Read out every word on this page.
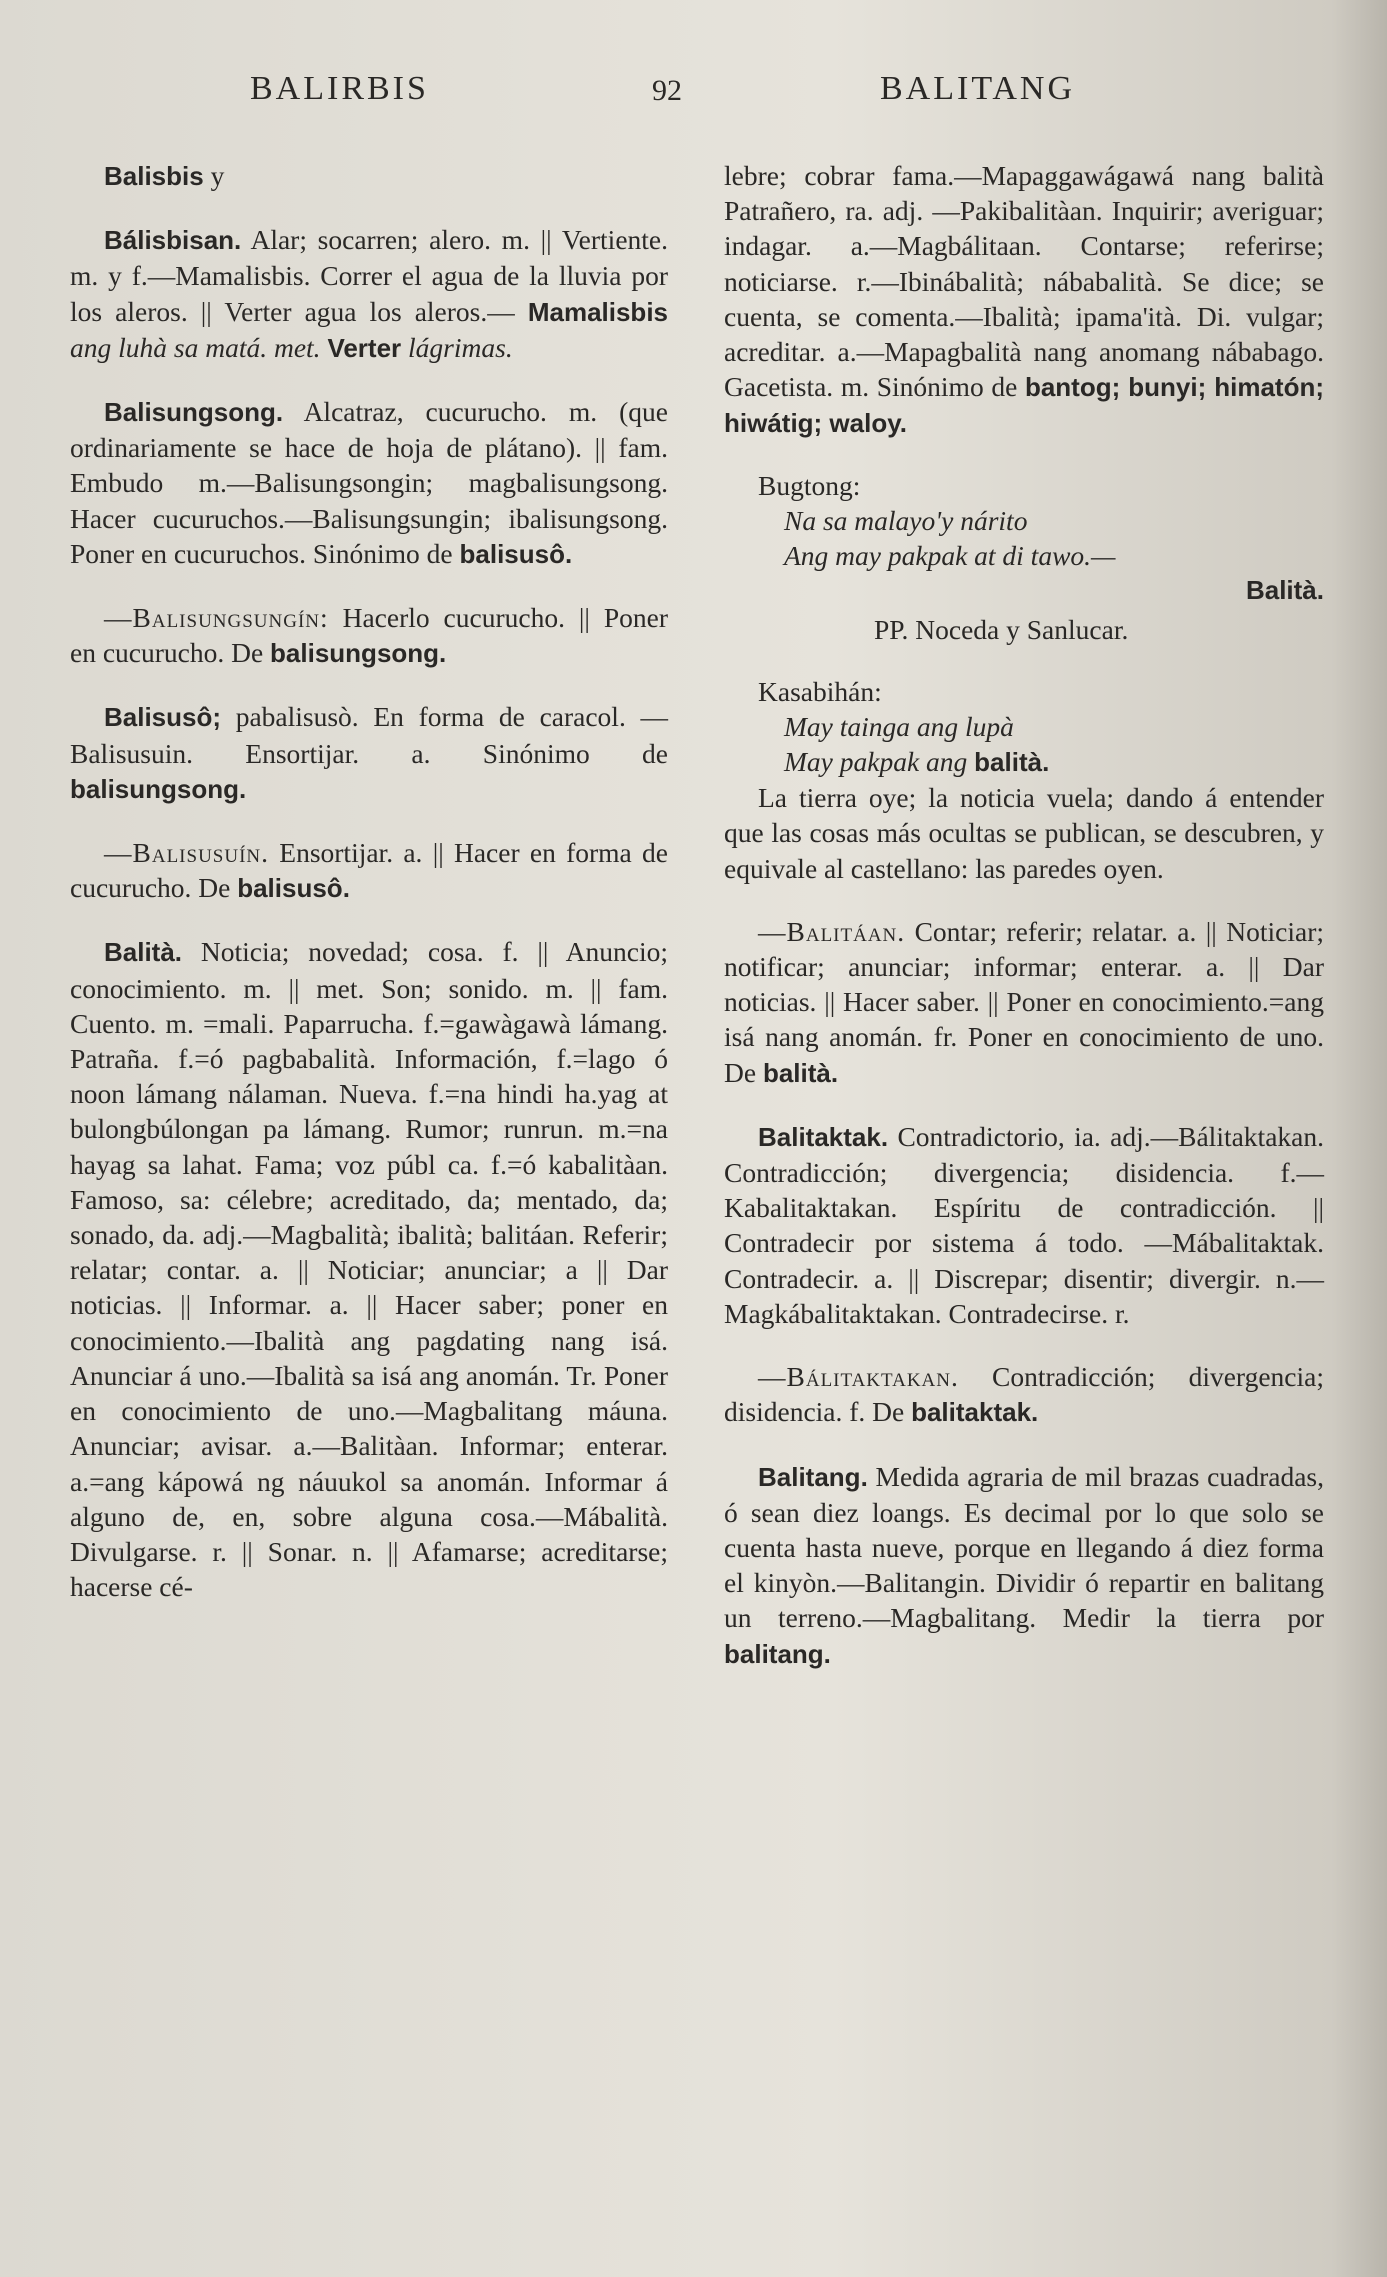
BALIRBIS	92	BALITANG

Balisbis y

Bálisbisan. Alar; socarren; alero. m. || Vertiente. m. y f.—Mamalisbis. Correr el agua de la lluvia por los aleros. || Verter agua los aleros.— Mamalisbis ang luhà sa matá. met. Verter lágrimas.

Balisungsong. Alcatraz, cucurucho. m. (que ordinariamente se hace de hoja de plátano). || fam. Embudo m.—Balisungsongin; magbalisungsong. Hacer cucuruchos.—Balisungsungin; ibalisungsong. Poner en cucuruchos. Sinónimo de balisusô.

—Balisungsungín: Hacerlo cucurucho. || Poner en cucurucho. De balisungsong.

Balisusô; pabalisusò. En forma de caracol. —Balisusuin. Ensortijar. a. Sinónimo de balisungsong.

—Balisusuín. Ensortijar. a. || Hacer en forma de cucurucho. De balisusô.

Balità. Noticia; novedad; cosa. f. || Anuncio; conocimiento. m. || met. Son; sonido. m. || fam. Cuento. m. =mali. Paparrucha. f.=gawàgawà lámang. Patraña. f.=ó pagbabalità. Información, f.=lago ó noon lámang nálaman. Nueva. f.=na hindi ha.yag at bulongbúlongan pa lámang. Rumor; runrun. m.=na hayag sa lahat. Fama; voz públ ca. f.=ó kabalitàan. Famoso, sa: célebre; acreditado, da; mentado, da; sonado, da. adj.—Magbalità; ibalità; balitáan. Referir; relatar; contar. a. || Noticiar; anunciar; a || Dar noticias. || Informar. a. || Hacer saber; poner en conocimiento.—Ibalità ang pagdating nang isá. Anunciar á uno.—Ibalità sa isá ang anomán. Tr. Poner en conocimiento de uno.—Magbalitang máuna. Anunciar; avisar. a.—Balitàan. Informar; enterar. a.=ang kápowá ng náuukol sa anomán. Informar á alguno de, en, sobre alguna cosa.—Mábalità. Divulgarse. r. || Sonar. n. || Afamarse; acreditarse; hacerse cé-

lebre; cobrar fama.—Mapaggawágawá nang balità Patrañero, ra. adj. —Pakibalitàan. Inquirir; averiguar; indagar. a.—Magbálitaan. Contarse; referirse; noticiarse. r.—Ibinábalità; nábabalità. Se dice; se cuenta, se comenta.—Ibalità; ipama'ità. Di. vulgar; acreditar. a.—Mapagbalità nang anomang nábabago. Gacetista. m. Sinónimo de bantog; bunyi; himatón; hiwátig; waloy.

Bugtong:

Na sa malayo'y nárito

Ang may pakpak at di tawo.—

Balità.

PP. Noceda y Sanlucar.

Kasabihán:

May tainga ang lupà

May pakpak ang balità.

La tierra oye; la noticia vuela; dando á entender que las cosas más ocultas se publican, se descubren, y equivale al castellano: las paredes oyen.

—Balitáan. Contar; referir; relatar. a. || Noticiar; notificar; anunciar; informar; enterar. a. || Dar noticias. || Hacer saber. || Poner en conocimiento.=ang isá nang anomán. fr. Poner en conocimiento de uno. De balità.

Balitaktak. Contradictorio, ia. adj.—Bálitaktakan. Contradicción; divergencia; disidencia. f.—Kabalitaktakan. Espíritu de contradicción. || Contradecir por sistema á todo. —Mábalitaktak. Contradecir. a. || Discrepar; disentir; divergir. n.—Magkábalitaktakan. Contradecirse. r.

—Bálitaktakan. Contradicción; divergencia; disidencia. f. De balitaktak.

Balitang. Medida agraria de mil brazas cuadradas, ó sean diez loangs. Es decimal por lo que solo se cuenta hasta nueve, porque en llegando á diez forma el kinyòn.—Balitangin. Dividir ó repartir en balitang un terreno.—Magbalitang. Medir la tierra por balitang.
